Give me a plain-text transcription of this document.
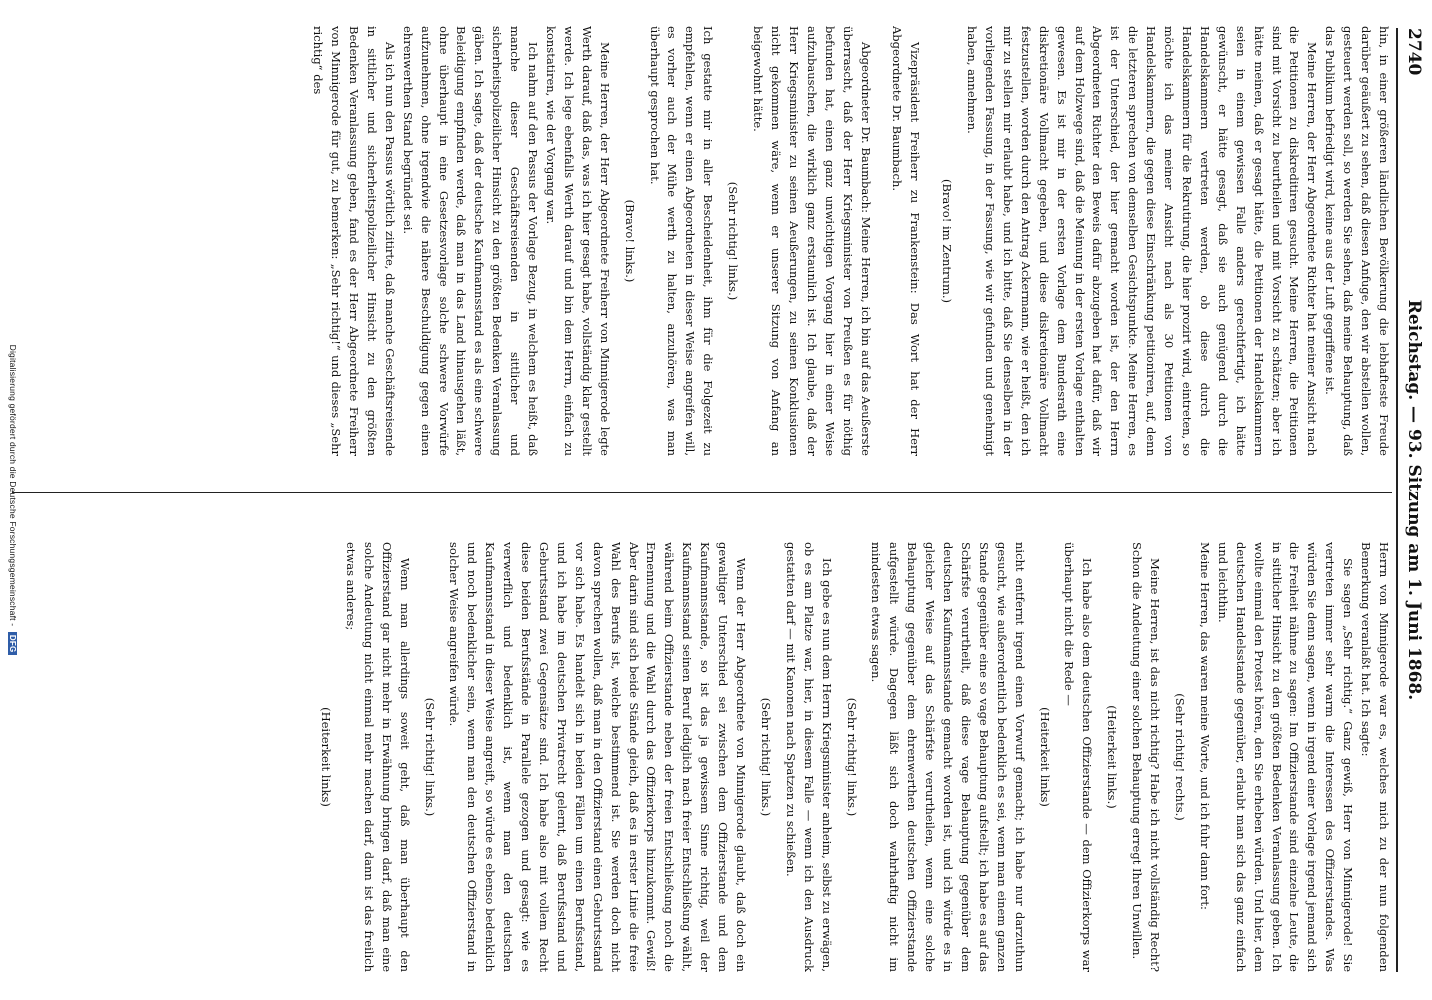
2740
Reichstag. — 93. Sitzung am 1. Juni 1868.

hin, in einer größeren ländlichen Bevölkerung die lebhafteste Freude darüber geäußert zu sehen, daß diesen Anfuge, den wir abstellen wollen, gesteuert werden soll, so werden Sie sehen, daß meine Behauptung, daß das Publikum befriedigt wird, keine aus der Luft gegriffene ist.

Meine Herren, der Herr Abgeordnete Richter hat meiner Ansicht nach die Petitionen zu diskreditiren gesucht. Meine Herren, die Petitionen sind mit Vorsicht zu beurtheilen und mit Vorsicht zu schätzen; aber ich hätte meinen, daß er gesagt hätte, die Petitionen der Handelskammern seien in einem gewissen Falle anders gerechtfertigt, ich hätte gewünscht, er hätte gesagt, daß sie auch genügend durch die Handelskammern vertreten werden, ob diese durch die Handelskammern für die Rekrutirung, die hier prozirt wird, eintreten, so möchte ich das meiner Ansicht nach als 30 Petitionen von Handelskammern, die gegen diese Einschränkung petitioniren, auf, denn die letzteren sprechen von demselben Gesichtspunkte. Meine Herren, es ist der Unterschied, der hier gemacht worden ist, der den Herrn Abgeordneten Richter den Beweis dafür abzugeben hat dafür, daß wir auf dem Holzwege sind, daß die Meinung in der ersten Vorlage enthalten gewesen. Es ist mir in der ersten Vorlage dem Bundesrath eine diskretionäre Vollmacht gegeben, und diese diskretionäre Vollmacht festzustellen, worden durch den Antrag Ackermann, wie er heißt, den ich mir zu stellen mir erlaubt habe, und ich bitte, daß Sie denselben in der vorliegenden Fassung, in der Fassung, wie wir gefunden und genehmigt haben, annehmen.

(Bravo! im Zentrum.)

Vizepräsident Freiherr zu Frankenstein: Das Wort hat der Herr Abgeordnete Dr. Baumbach.

Abgeordneter Dr. Baumbach: Meine Herren, ich bin auf das Aeußerste überrascht, daß der Herr Kriegsminister von Preußen es für nöthig befunden hat, einen ganz unwichtigen Vorgang hier in einer Weise aufzubauschen, die wirklich ganz erstaunlich ist. Ich glaube, daß der Herr Kriegsminister zu seinen Aeußerungen, zu seinen Konklusionen nicht gekommen wäre, wenn er unserer Sitzung von Anfang an beigewohnt hätte.

(Sehr richtig! links.)

Ich gestatte mir in aller Bescheidenheit, ihm für die Folgezeit zu empfehlen, wenn er einen Abgeordneten in dieser Weise angreifen will, es vorher auch der Mühe werth zu halten, anzuhören, was man überhaupt gesprochen hat.

(Bravo! links.)

Meine Herren, der Herr Abgeordnete Freiherr von Minnigerode legte Werth darauf, daß das, was ich hier gesagt habe, vollständig klar gestellt werde. Ich lege ebenfalls Werth darauf und bin dem Herrn, einfach zu konstatiren, wie der Vorgang war.

Ich nahm auf den Passus der Vorlage Bezug, in welchem es heißt, daß manche dieser Geschäftsreisenden in sittlicher und sicherheitspolizeilicher Hinsicht zu den größten Bedenken Veranlassung gäben. Ich sagte, daß der deutsche Kaufmannsstand es als eine schwere Beleidigung empfinden werde, daß man in das Land hinausgehen läßt, ohne überhaupt in eine Gesetzesvorlage solche schwere Vorwürfe aufzunehmen, ohne irgendwie die nähere Beschuldigung gegen einen ehrenwerthen Stand begründet sei.

Als ich nun den Passus wörtlich zitirte, daß manche Geschäftsreisende in sittlicher und sicherheitspolizeilicher Hinsicht zu den größten Bedenken Veranlassung geben, fand es der Herr Abgeordnete Freiherr von Minnigerode für gut, zu bemerken: „Sehr richtig!“ und dieses „Sehr richtig“ des

Herrn von Minnigerode war es, welches mich zu der nun folgenden Bemerkung veranlaßt hat. Ich sagte:

Sie sagen „Sehr richtig.“ Ganz gewiß, Herr von Minnigerode! Sie vertreten immer sehr warm die Interessen des Offizierstandes. Was würden Sie denn sagen, wenn in irgend einer Vorlage irgend jemand sich die Freiheit nähme zu sagen: Im Offizierstande sind einzelne Leute, die in sittlicher Hinsicht zu den größten Bedenken Veranlassung geben. Ich wollte einmal den Protest hören, den Sie erheben würden. Und hier, dem deutschen Handelsstande gegenüber, erlaubt man sich das ganz einfach und leichthin.

Meine Herren, das waren meine Worte, und ich fuhr dann fort:

(Sehr richtig! rechts.)

Meine Herren, ist das nicht richtig? Habe ich nicht vollständig Recht? Schon die Andeutung einer solchen Behauptung erregt Ihren Unwillen.

(Heiterkeit links.)

Ich habe also dem deutschen Offizierstande — dem Offizierkorps war überhaupt nicht die Rede —

(Heiterkeit links)

nicht entfernt irgend einen Vorwurf gemacht; ich habe nur darzuthun gesucht, wie außerordentlich bedenklich es sei, wenn man einem ganzen Stande gegenüber eine so vage Behauptung aufstellt; ich habe es auf das Schärfste verurtheilt, daß diese vage Behauptung gegenüber dem deutschen Kaufmannsstande gemacht worden ist, und ich würde es in gleicher Weise auf das Schärfste verurtheilen, wenn eine solche Behauptung gegenüber dem ehrenwerthen deutschen Offizierstande aufgestellt würde. Dagegen läßt sich doch wahrhaftig nicht im mindesten etwas sagen.

(Sehr richtig! links.)

Ich gebe es nun dem Herrn Kriegsminister anheim, selbst zu erwägen, ob es am Platze war, hier, in diesem Falle — wenn ich den Ausdruck gestatten darf — mit Kanonen nach Spatzen zu schießen.

(Sehr richtig! links.)

Wenn der Herr Abgeordnete von Minnigerode glaubt, daß doch ein gewaltiger Unterschied sei zwischen dem Offizierstande und dem Kaufmannsstande, so ist das ja gewissem Sinne richtig, weil der Kaufmannsstand seinen Beruf lediglich nach freier Entschließung wählt, während beim Offizierstande neben der freien Entschließung noch die Ernennung und die Wahl durch das Offizierkorps hinzukommt. Gewiß! Aber darin sind sich beide Stände gleich, daß es in erster Linie die freie Wahl des Berufs ist, welche bestimmend ist. Sie werden doch nicht davon sprechen wollen, daß man in den Offizierstand einen Geburtsstand vor sich habe. Es handelt sich in beiden Fällen um einen Berufsstand, und ich habe im deutschen Privatrecht gelernt, daß Berufsstand und Geburtsstand zwei Gegensätze sind. Ich habe also mit vollem Recht diese beiden Berufsstände in Parallele gezogen und gesagt: wie es verwerflich und bedenklich ist, wenn man den deutschen Kaufmannsstand in dieser Weise angreift, so würde es ebenso bedenklich und noch bedenklicher sein, wenn man den deutschen Offizierstand in solcher Weise angreifen würde.

(Sehr richtig! links.)

Wenn man allerdings soweit geht, daß man überhaupt den Offizierstand gar nicht mehr in Erwähnung bringen darf, daß man eine solche Andeutung nicht einmal mehr machen darf, dann ist das freilich etwas anderes;

(Heiterkeit links)

Digitalisierung gefördert durch die Deutsche Forschungsgemeinschaft - DFG
